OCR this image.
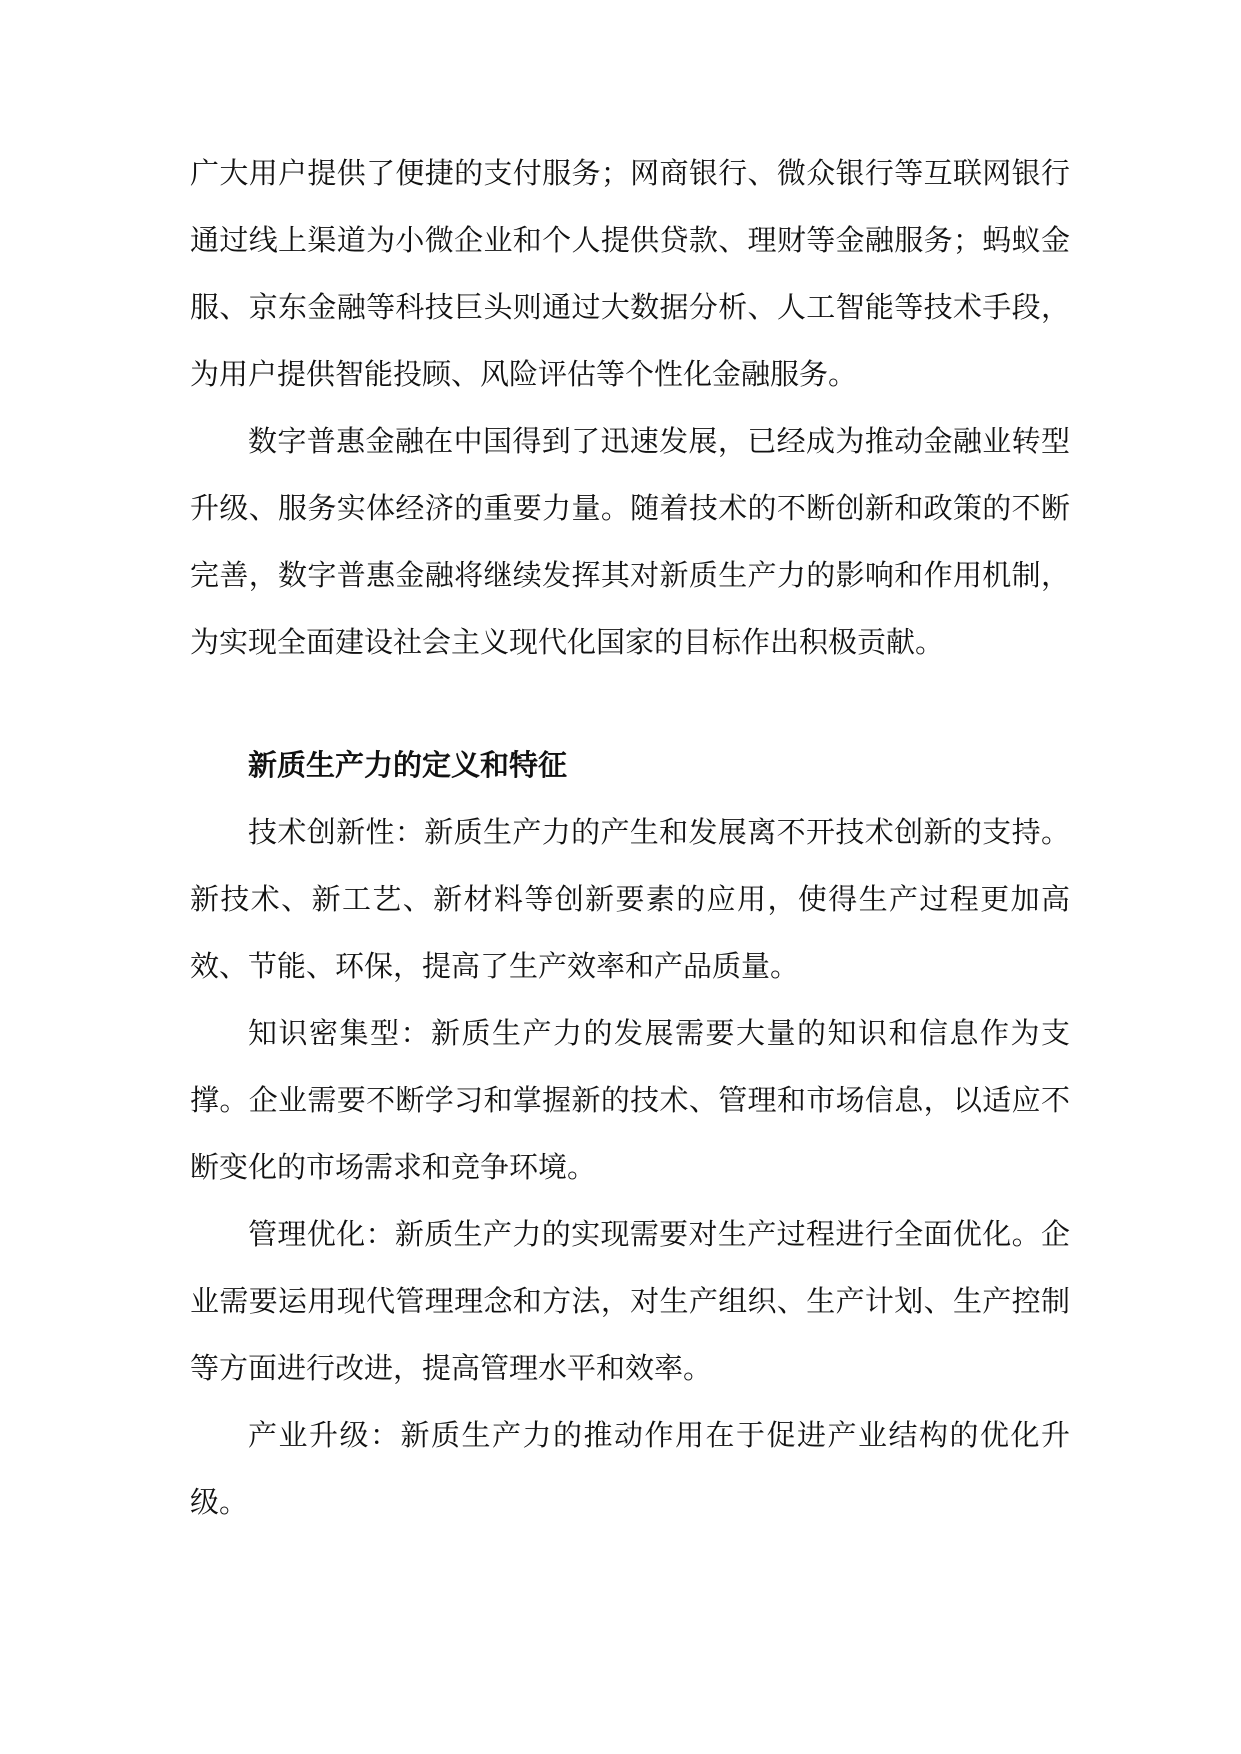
广大用户提供了便捷的支付服务；网商银行、微众银行等互联网银行通过线上渠道为小微企业和个人提供贷款、理财等金融服务；蚂蚁金服、京东金融等科技巨头则通过大数据分析、人工智能等技术手段，为用户提供智能投顾、风险评估等个性化金融服务。

数字普惠金融在中国得到了迅速发展，已经成为推动金融业转型升级、服务实体经济的重要力量。随着技术的不断创新和政策的不断完善，数字普惠金融将继续发挥其对新质生产力的影响和作用机制，为实现全面建设社会主义现代化国家的目标作出积极贡献。

新质生产力的定义和特征

技术创新性：新质生产力的产生和发展离不开技术创新的支持。新技术、新工艺、新材料等创新要素的应用，使得生产过程更加高效、节能、环保，提高了生产效率和产品质量。

知识密集型：新质生产力的发展需要大量的知识和信息作为支撑。企业需要不断学习和掌握新的技术、管理和市场信息，以适应不断变化的市场需求和竞争环境。

管理优化：新质生产力的实现需要对生产过程进行全面优化。企业需要运用现代管理理念和方法，对生产组织、生产计划、生产控制等方面进行改进，提高管理水平和效率。

产业升级：新质生产力的推动作用在于促进产业结构的优化升级。
